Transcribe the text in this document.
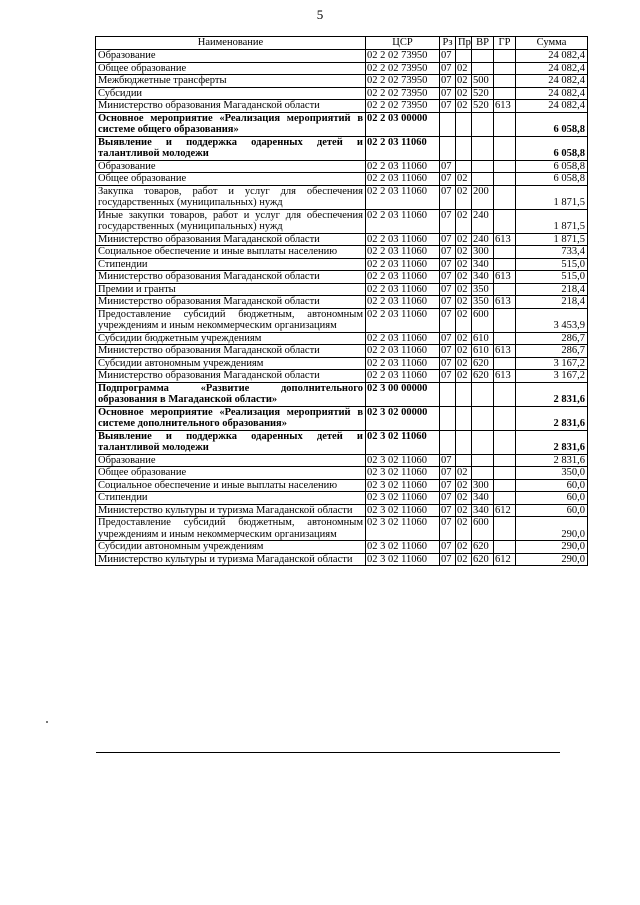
5
Наименование	ЦСР	Рз	Пр	ВР	ГР	Сумма
Образование	02 2 02 73950	07				24 082,4
Общее образование	02 2 02 73950	07	02			24 082,4
Межбюджетные трансферты	02 2 02 73950	07	02	500		24 082,4
Субсидии	02 2 02 73950	07	02	520		24 082,4
Министерство образования Магаданской области	02 2 02 73950	07	02	520	613	24 082,4
Основное мероприятие «Реализация мероприятий в системе общего образования»	02 2 03 00000					6 058,8
Выявление и поддержка одаренных детей и талантливой молодежи	02 2 03 11060					6 058,8
Образование	02 2 03 11060	07				6 058,8
Общее образование	02 2 03 11060	07	02			6 058,8
Закупка товаров, работ и услуг для обеспечения государственных (муниципальных) нужд	02 2 03 11060	07	02	200		1 871,5
Иные закупки товаров, работ и услуг для обеспечения государственных (муниципальных) нужд	02 2 03 11060	07	02	240		1 871,5
Министерство образования Магаданской области	02 2 03 11060	07	02	240	613	1 871,5
Социальное обеспечение и иные выплаты населению	02 2 03 11060	07	02	300		733,4
Стипендии	02 2 03 11060	07	02	340		515,0
Министерство образования Магаданской области	02 2 03 11060	07	02	340	613	515,0
Премии и гранты	02 2 03 11060	07	02	350		218,4
Министерство образования Магаданской области	02 2 03 11060	07	02	350	613	218,4
Предоставление субсидий бюджетным, автономным учреждениям и иным некоммерческим организациям	02 2 03 11060	07	02	600		3 453,9
Субсидии бюджетным учреждениям	02 2 03 11060	07	02	610		286,7
Министерство образования Магаданской области	02 2 03 11060	07	02	610	613	286,7
Субсидии автономным учреждениям	02 2 03 11060	07	02	620		3 167,2
Министерство образования Магаданской области	02 2 03 11060	07	02	620	613	3 167,2
Подпрограмма «Развитие дополнительного образования в Магаданской области»	02 3 00 00000					2 831,6
Основное мероприятие «Реализация мероприятий в системе дополнительного образования»	02 3 02 00000					2 831,6
Выявление и поддержка одаренных детей и талантливой молодежи	02 3 02 11060					2 831,6
Образование	02 3 02 11060	07				2 831,6
Общее образование	02 3 02 11060	07	02			350,0
Социальное обеспечение и иные выплаты населению	02 3 02 11060	07	02	300		60,0
Стипендии	02 3 02 11060	07	02	340		60,0
Министерство культуры и туризма Магаданской области	02 3 02 11060	07	02	340	612	60,0
Предоставление субсидий бюджетным, автономным учреждениям и иным некоммерческим организациям	02 3 02 11060	07	02	600		290,0
Субсидии автономным учреждениям	02 3 02 11060	07	02	620		290,0
Министерство культуры и туризма Магаданской области	02 3 02 11060	07	02	620	612	290,0
